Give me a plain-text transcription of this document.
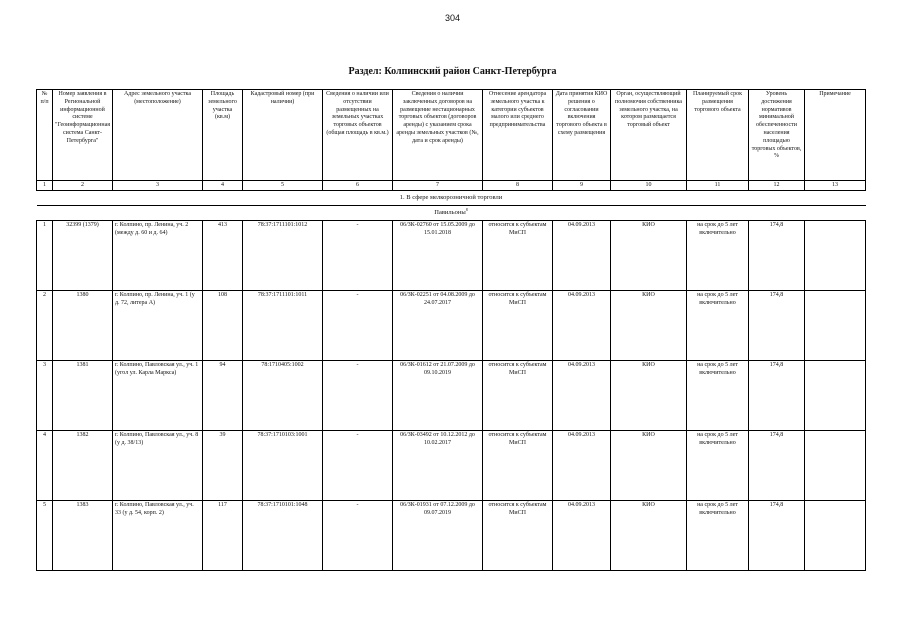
304
Раздел: Колпинский район Санкт-Петербурга
№ п/п	Номер заявления в Региональной информационной системе "Геоинформационная система Санкт-Петербурга"	Адрес земельного участка (местоположение)	Площадь земельного участка (кв.м)	Кадастровый номер (при наличии)	Сведения о наличии или отсутствии размещенных на земельных участках торговых объектов (общая площадь в кв.м.)	Сведения о наличии заключенных договоров на размещение нестационарных торговых объектов (договоров аренды) с указанием срока аренды земельных участков (№, дата и срок аренды)	Отнесение арендатора земельного участка к категории субъектов малого или среднего предпринимательства	Дата принятия КИО решения о согласовании включения торгового объекта в схему размещения	Орган, осуществляющий полномочия собственника земельного участка, на котором размещается торговый объект	Планируемый срок размещения торгового объекта	Уровень достижения нормативов минимальной обеспеченности населения площадью торговых объектов, %	Примечание
1	2	3	4	5	6	7	8	9	10	11	12	13
1. В сфере мелкорозничной торговли												
Павильоны$^8$
1	32399 (1379)	г. Колпино, пр. Ленина, уч. 2 (между д. 60 и д. 64)	413	78:37:1711101:1012	-	06/ЗК-02760 от 15.05.2009 до 15.01.2018	относится к субъектам МиСП	04.09.2013	КИО	на срок до 5 лет включительно	174,8	
2	1380	г. Колпино, пр. Ленина, уч. 1 (у д. 72, литера А)	108	78:37:1711101:1011	-	06/ЗК-02251 от 04.08.2009 до 24.07.2017	относится к субъектам МиСП	04.09.2013	КИО	на срок до 5 лет включительно	174,8	
3	1381	г. Колпино, Павловская ул., уч. 1 (угол ул. Карла Маркса)	94	78:1710405:1002	-	06/ЗК-01612 от 21.07.2009 до 09.10.2019	относится к субъектам МиСП	04.09.2013	КИО	на срок до 5 лет включительно	174,8	
4	1382	г. Колпино, Павловская ул., уч. 8 (у д. 38/13)	39	78:37:1710103:1001	-	06/ЗК-03492 от 10.12.2012 до 10.02.2017	относится к субъектам МиСП	04.09.2013	КИО	на срок до 5 лет включительно	174,8	
5	1383	г. Колпино, Павловская ул., уч. 33 (у д. 54, корп. 2)	117	78:37:1710101:1048	-	06/ЗК-01931 от 07.12.2009 до 09.07.2019	относится к субъектам МиСП	04.09.2013	КИО	на срок до 5 лет включительно	174,8	
